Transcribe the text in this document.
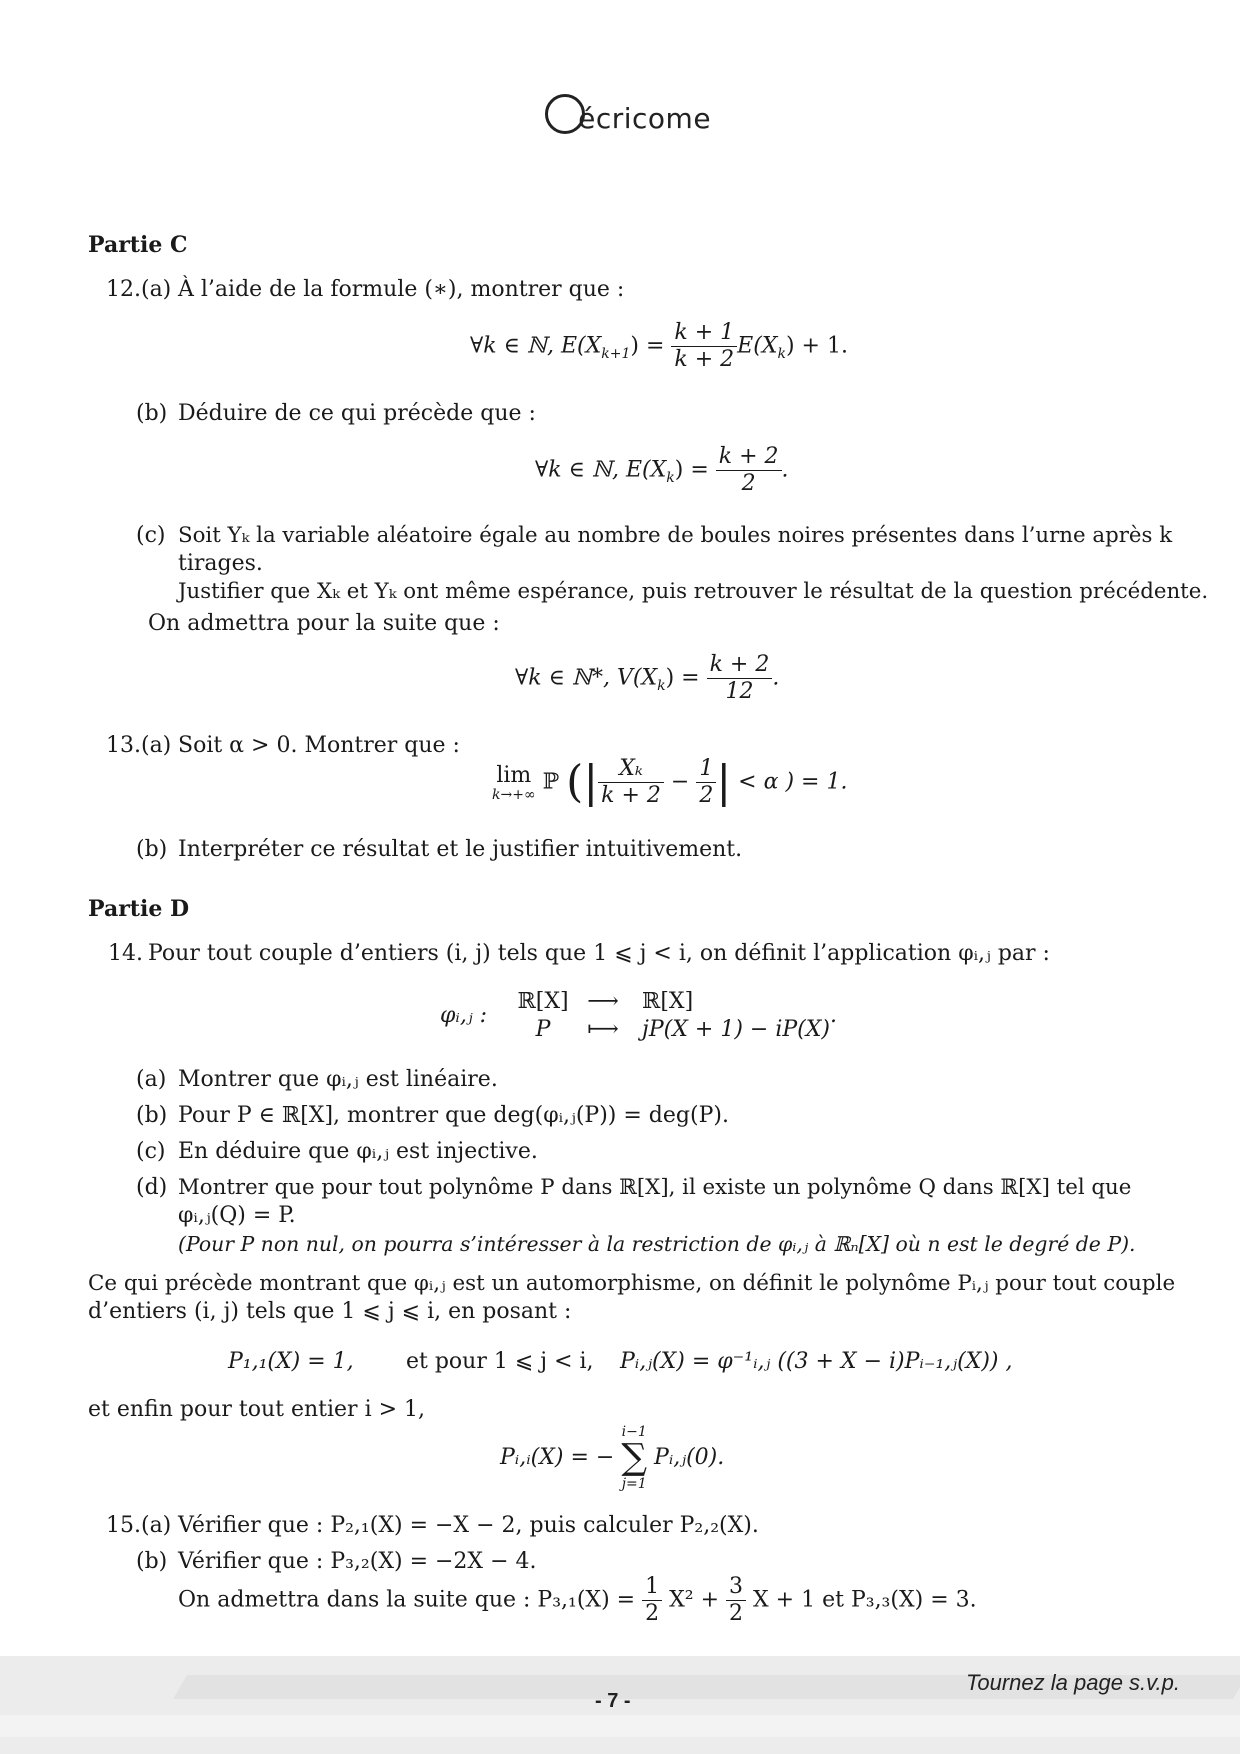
écricome
Partie C
12.(a) À l’aide de la formule (∗), montrer que :
∀k ∈ ℕ, $E(X_{k+1}) = \frac{k + 1}{k + 2} E(X_k) + 1$.
(b) Déduire de ce qui précède que :
∀k ∈ ℕ, $E(X_k) = \frac{k + 2}{2}$ .
(c) Soit Yₖ la variable aléatoire égale au nombre de boules noires présentes dans l’urne après k
tirages.
Justifier que Xₖ et Yₖ ont même espérance, puis retrouver le résultat de la question précédente.
On admettra pour la suite que :
∀k ∈ ℕ*, $V(X_k) = \frac{k + 2}{12}$ .
13.(a) Soit α > 0. Montrer que :
lim
k→+∞ ℙ (| $\frac{\text{Xₖ}}{k + 2} - \frac{1}{2}$ | < α ) = 1.
(b) Interpréter ce résultat et le justifier intuitivement.
Partie D
14. Pour tout couple d’entiers (i, j) tels que 1 ⩽ j < i, on définit l’application φᵢ,ⱼ par :
φᵢ,ⱼ :
ℝ[X] ⟶ ℝ[X]
P ⟼ jP(X + 1) − iP(X)
.
(a) Montrer que φᵢ,ⱼ est linéaire.
(b) Pour P ∈ ℝ[X], montrer que deg(φᵢ,ⱼ(P)) = deg(P).
(c) En déduire que φᵢ,ⱼ est injective.
(d) Montrer que pour tout polynôme P dans ℝ[X], il existe un polynôme Q dans ℝ[X] tel que
φᵢ,ⱼ(Q) = P.
(Pour P non nul, on pourra s’intéresser à la restriction de φᵢ,ⱼ à ℝₙ[X] où n est le degré de P).
Ce qui précède montrant que φᵢ,ⱼ est un automorphisme, on définit le polynôme Pᵢ,ⱼ pour tout couple
d’entiers (i, j) tels que 1 ⩽ j ⩽ i, en posant :
P₁,₁(X) = 1, et pour 1 ⩽ j < i, Pᵢ,ⱼ(X) = φ⁻¹ᵢ,ⱼ ((3 + X − i)Pᵢ₋₁,ⱼ(X)) ,
et enfin pour tout entier i > 1,
Pᵢ,ᵢ(X) = −
i−1
∑
j=1
Pᵢ,ⱼ(0).
15.(a) Vérifier que : P₂,₁(X) = −X − 2, puis calculer P₂,₂(X).
(b) Vérifier que : P₃,₂(X) = −2X − 4.
On admettra dans la suite que : $P_3,_1(X) = \frac{1}{2} X^2 + \frac{3}{2}$ X + 1 et P₃,₃(X) = 3.
Tournez la page s.v.p.
- 7 -
